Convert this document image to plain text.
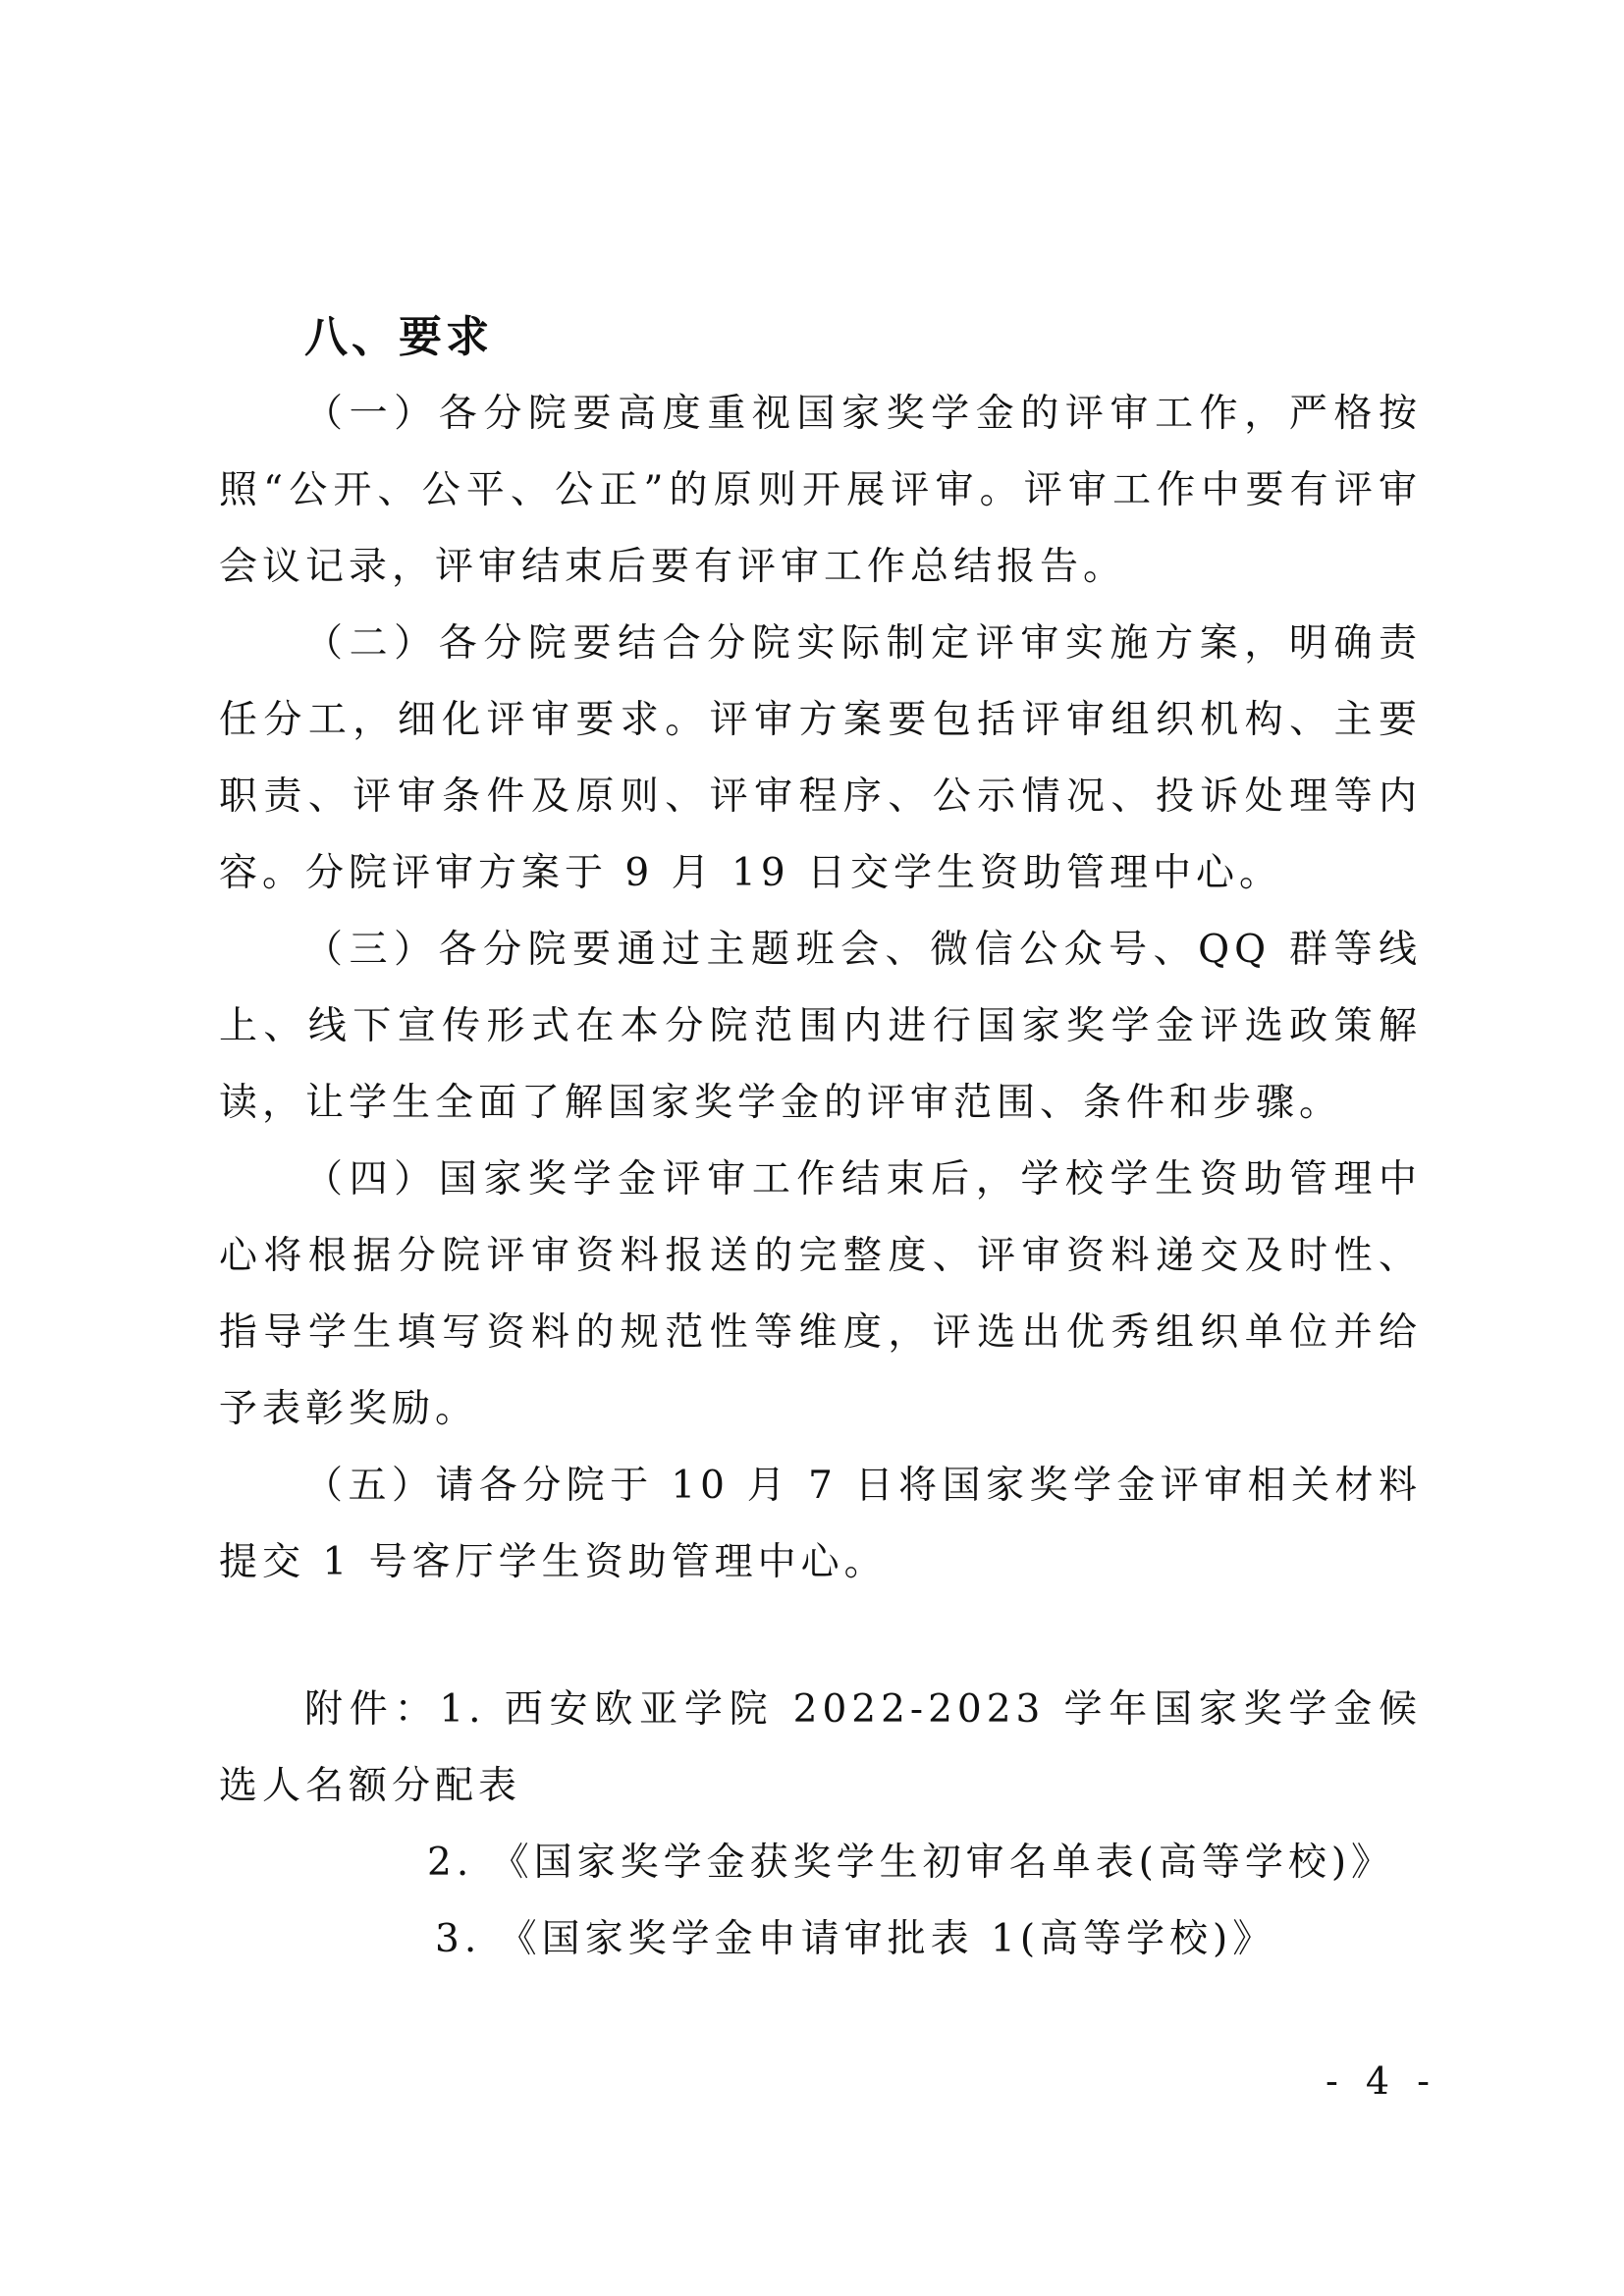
八、要求

（一）各分院要高度重视国家奖学金的评审工作，严格按照“公开、公平、公正”的原则开展评审。评审工作中要有评审会议记录，评审结束后要有评审工作总结报告。

（二）各分院要结合分院实际制定评审实施方案，明确责任分工，细化评审要求。评审方案要包括评审组织机构、主要职责、评审条件及原则、评审程序、公示情况、投诉处理等内容。分院评审方案于 9 月 19 日交学生资助管理中心。

（三）各分院要通过主题班会、微信公众号、QQ 群等线上、线下宣传形式在本分院范围内进行国家奖学金评选政策解读，让学生全面了解国家奖学金的评审范围、条件和步骤。

（四）国家奖学金评审工作结束后，学校学生资助管理中心将根据分院评审资料报送的完整度、评审资料递交及时性、指导学生填写资料的规范性等维度，评选出优秀组织单位并给予表彰奖励。

（五）请各分院于 10 月 7 日将国家奖学金评审相关材料提交 1 号客厅学生资助管理中心。

附件：1. 西安欧亚学院 2022-2023 学年国家奖学金候选人名额分配表

2. 《国家奖学金获奖学生初审名单表(高等学校)》

3. 《国家奖学金申请审批表 1(高等学校)》

- 4 -
